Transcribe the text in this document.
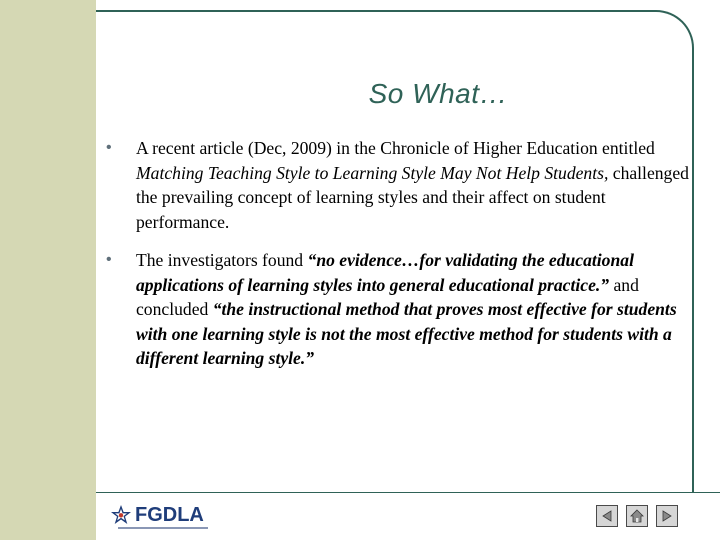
So What…
• A recent article (Dec, 2009) in the Chronicle of Higher Education entitled Matching Teaching Style to Learning Style May Not Help Students, challenged the prevailing concept of learning styles and their affect on student performance.
• The investigators found “no evidence…for validating the educational applications of learning styles into general educational practice.” and concluded “the instructional method that proves most effective for students with one learning style is not the most effective method for students with a different learning style.”
FGDLA
